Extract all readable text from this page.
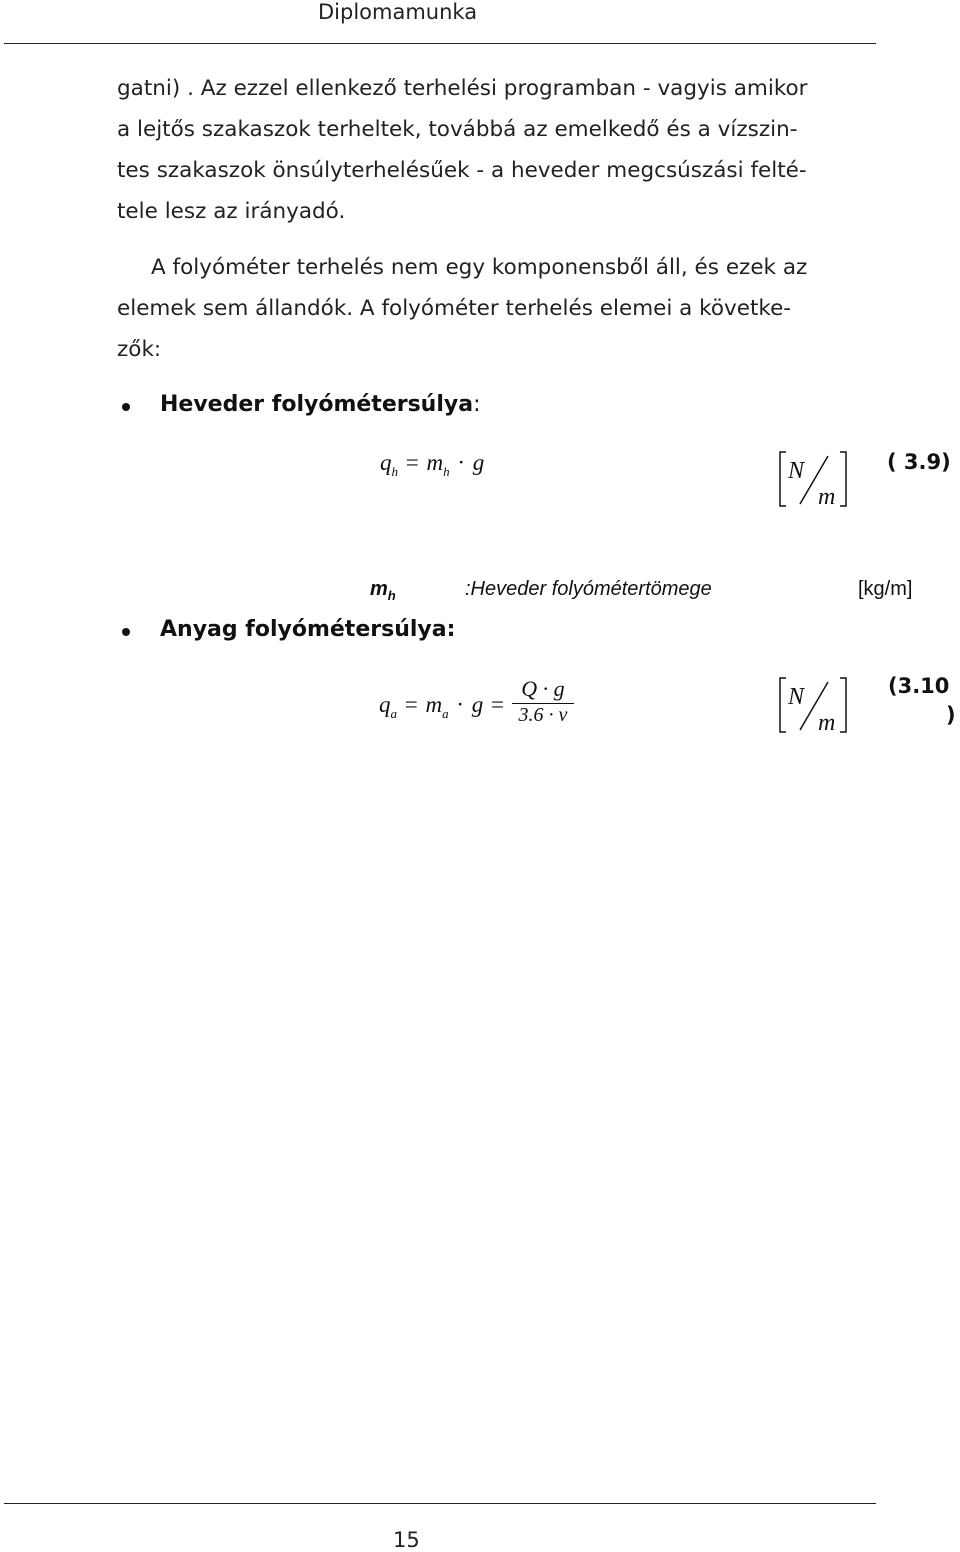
Diplomamunka
gatni) . Az ezzel ellenkező terhelési programban - vagyis amikor
a lejtős szakaszok terheltek, továbbá az emelkedő és a vízszin-
tes szakaszok önsúlyterhelésűek - a heveder megcsúszási felté-
tele lesz az irányadó.
A folyóméter terhelés nem egy komponensből áll, és ezek az
elemek sem állandók. A folyóméter terhelés elemei a követke-
zők:
Heveder folyómétersúlya:
$q_h = m_h \cdot g$	N
m
( 3.9)
$m_h$	:Heveder folyómétertömege	[kg/m]
Anyag folyómétersúlya:
$q_a = m_a \cdot g$ =
Q · g
3.6 · v
N
m
(3.10
)
15
